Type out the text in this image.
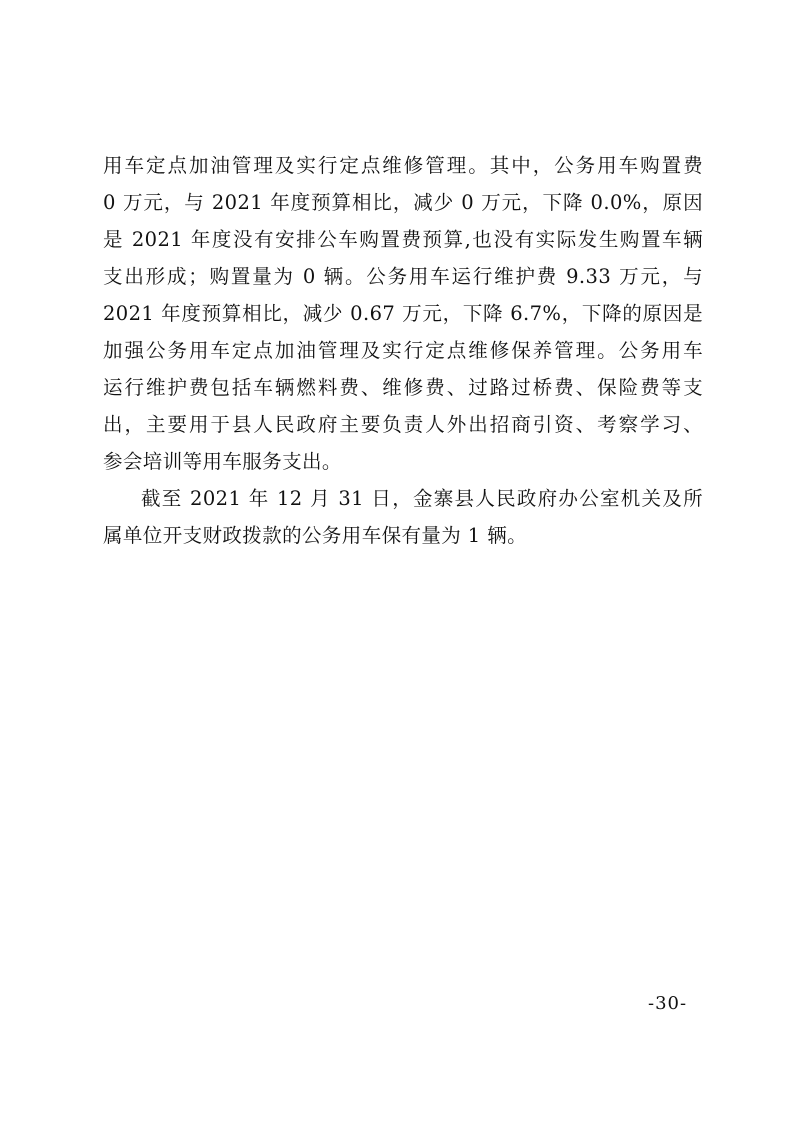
用车定点加油管理及实行定点维修管理。其中，公务用车购置费
0 万元，与 2021 年度预算相比，减少 0 万元，下降 0.0%，原因
是 2021 年度没有安排公车购置费预算,也没有实际发生购置车辆
支出形成；购置量为 0 辆。公务用车运行维护费 9.33 万元，与
2021 年度预算相比，减少 0.67 万元，下降 6.7%，下降的原因是
加强公务用车定点加油管理及实行定点维修保养管理。公务用车
运行维护费包括车辆燃料费、维修费、过路过桥费、保险费等支
出，主要用于县人民政府主要负责人外出招商引资、考察学习、
参会培训等用车服务支出。
截至 2021 年 12 月 31 日，金寨县人民政府办公室机关及所
属单位开支财政拨款的公务用车保有量为 1 辆。
-30-
